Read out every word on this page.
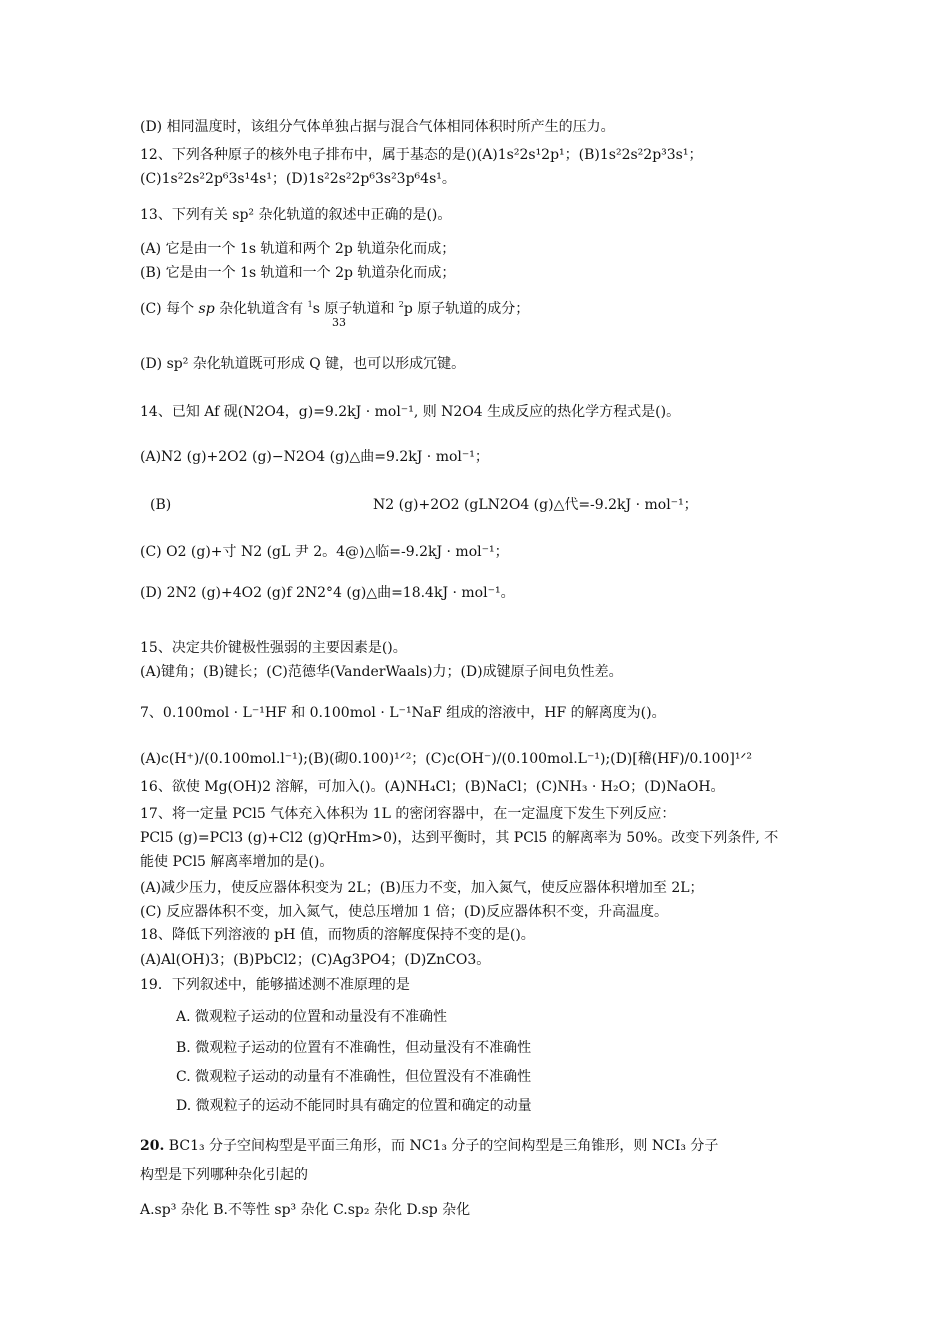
(D) 相同温度时，该组分气体单独占据与混合气体相同体积时所产生的压力。
12、下列各种原子的核外电子排布中，属于基态的是()(A)1s²2s¹2p¹；(B)1s²2s²2p³3s¹；
(C)1s²2s²2p⁶3s¹4s¹；(D)1s²2s²2p⁶3s²3p⁶4s¹。
13、下列有关 sp² 杂化轨道的叙述中正确的是()。
(A) 它是由一个 1s 轨道和两个 2p 轨道杂化而成；
(B) 它是由一个 1s 轨道和一个 2p 轨道杂化而成；
(C) 每个 sp 杂化轨道含有 $^1$s 原子轨道和 $^2$p 原子轨道的成分；
33
(D) sp² 杂化轨道既可形成 Q 键，也可以形成冗键。
14、已知 Af 砚(N2O4，g)=9.2kJ · mol⁻¹, 则 N2O4 生成反应的热化学方程式是()。
(A)N2 (g)+2O2 (g)−N2O4 (g)△曲=9.2kJ · mol⁻¹；
(B)	N2 (g)+2O2 (gLN2O4 (g)△代=-9.2kJ · mol⁻¹；
(C) O2 (g)+寸 N2 (gL 尹 2。4@)△临=-9.2kJ · mol⁻¹；
(D) 2N2 (g)+4O2 (g)f 2N2°4 (g)△曲=18.4kJ · mol⁻¹。
15、决定共价键极性强弱的主要因素是()。
(A)键角；(B)键长；(C)范德华(VanderWaals)力；(D)成键原子间电负性差。
7、0.100mol · L⁻¹HF 和 0.100mol · L⁻¹NaF 组成的溶液中，HF 的解离度为()。
(A)c(H⁺)/(0.100mol.l⁻¹);(B)(砌0.100)¹ᐟ²；(C)c(OH⁻)/(0.100mol.L⁻¹);(D)[稽(HF)/0.100]¹ᐟ²
16、欲使 Mg(OH)2 溶解，可加入()。(A)NH₄Cl；(B)NaCl；(C)NH₃ · H₂O；(D)NaOH。
17、将一定量 PCl5 气体充入体积为 1L 的密闭容器中，在一定温度下发生下列反应：
PCl5 (g)=PCl3 (g)+Cl2 (g)QrHm>0)，达到平衡时，其 PCl5 的解离率为 50%。改变下列条件, 不
能使 PCl5 解离率增加的是()。
(A)减少压力，使反应器体积变为 2L；(B)压力不变，加入氮气，使反应器体积增加至 2L；
(C) 反应器体积不变，加入氮气，使总压增加 1 倍；(D)反应器体积不变，升高温度。
18、降低下列溶液的 pH 值，而物质的溶解度保持不变的是()。
(A)Al(OH)3；(B)PbCl2；(C)Ag3PO4；(D)ZnCO3。
19．下列叙述中，能够描述测不准原理的是
A. 微观粒子运动的位置和动量没有不准确性
B. 微观粒子运动的位置有不准确性，但动量没有不准确性
C. 微观粒子运动的动量有不准确性，但位置没有不准确性
D. 微观粒子的运动不能同时具有确定的位置和确定的动量
20. BC1₃ 分子空间构型是平面三角形，而 NC1₃ 分子的空间构型是三角锥形，则 NCI₃ 分子
构型是下列哪种杂化引起的
A.sp³ 杂化 B.不等性 sp³ 杂化 C.sp₂ 杂化 D.sp 杂化
